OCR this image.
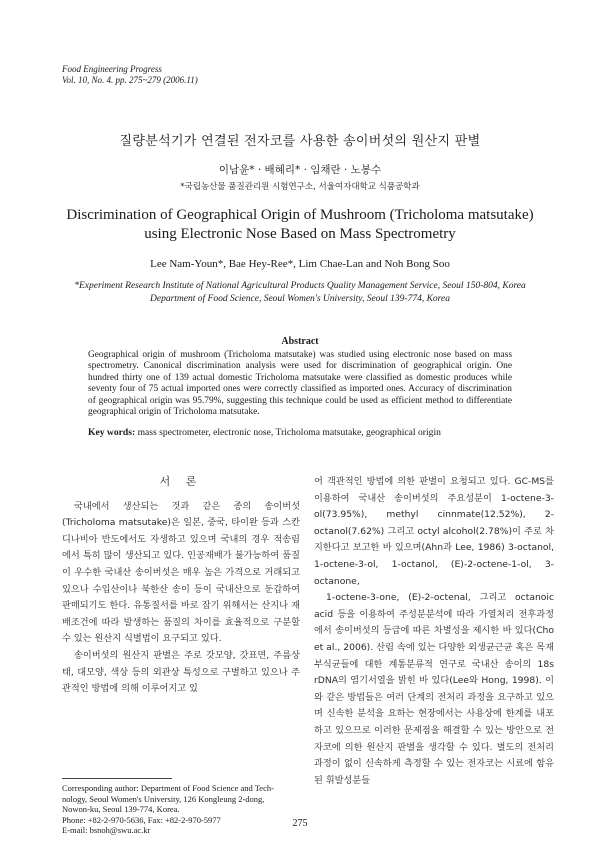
Food Engineering Progress
Vol. 10, No. 4. pp. 275~279 (2006.11)
질량분석기가 연결된 전자코를 사용한 송이버섯의 원산지 판별
이남윤* · 배혜리* · 임채란 · 노봉수
*국립농산물 품질관리원 시험연구소, 서울여자대학교 식품공학과
Discrimination of Geographical Origin of Mushroom (Tricholoma matsutake) using Electronic Nose Based on Mass Spectrometry
Lee Nam-Youn*, Bae Hey-Ree*, Lim Chae-Lan and Noh Bong Soo
*Experiment Research Institute of National Agricultural Products Quality Management Service, Seoul 150-804, Korea
Department of Food Science, Seoul Women's University, Seoul 139-774, Korea
Abstract
Geographical origin of mushroom (Tricholoma matsutake) was studied using electronic nose based on mass spectrometry. Canonical discrimination analysis were used for discrimination of geographical origin. One hundred thirty one of 139 actual domestic Tricholoma matsutake were classified as domestic produces while seventy four of 75 actual imported ones were correctly classified as imported ones. Accuracy of discrimination of geographical origin was 95.79%, suggesting this technique could be used as efficient method to differentiate geographical origin of Tricholoma matsutake.
Key words: mass spectrometer, electronic nose, Tricholoma matsutake, geographical origin
서 론

국내에서 생산되는 것과 같은 종의 송이버섯(Tricholoma matsutake)은 일본, 중국, 타이완 등과 스칸디나비아 반도에서도 자생하고 있으며 국내의 경우 적송림에서 특히 많이 생산되고 있다. 인공재배가 불가능하여 품질이 우수한 국내산 송이버섯은 매우 높은 가격으로 거래되고 있으나 수입산이나 북한산 송이 등이 국내산으로 둔갑하여 판매되기도 한다. 유통질서를 바로 잡기 위해서는 산지나 재배조건에 따라 발생하는 품질의 차이를 효율적으로 구분할 수 있는 원산지 식별법이 요구되고 있다.

송이버섯의 원산지 판별은 주로 갓모양, 갓표면, 주름상태, 대모양, 색상 등의 외관상 특성으로 구별하고 있으나 주관적인 방법에 의해 이루어지고 있

어 객관적인 방법에 의한 판별이 요청되고 있다. GC-MS를 이용하여 국내산 송이버섯의 주요성분이 1-octene-3-ol(73.95%), methyl cinnmate(12.52%), 2-octanol(7.62%) 그리고 octyl alcohol(2.78%)이 주로 차지한다고 보고한 바 있으며(Ahn과 Lee, 1986) 3-octanol, 1-octene-3-ol, 1-octanol, (E)-2-octene-1-ol, 3-octanone,

1-octene-3-one, (E)-2-octenal, 그리고 octanoic acid 등을 이용하여 주성분분석에 따라 가열처리 전후과정에서 송이버섯의 등급에 따른 차별성을 제시한 바 있다(Cho et al., 2006). 산림 속에 있는 다양한 외생균근균 혹은 목재부식균들에 대한 계통분류적 연구로 국내산 송이의 18s rDNA의 염기서열을 밝힌 바 있다(Lee와 Hong, 1998). 이와 같은 방법들은 여러 단계의 전처리 과정을 요구하고 있으며 신속한 분석을 요하는 현장에서는 사용상에 한계를 내포하고 있으므로 이러한 문제점을 해결할 수 있는 방안으로 전자코에 의한 원산지 판별을 생각할 수 있다. 별도의 전처리 과정이 없이 신속하게 측정할 수 있는 전자코는 시료에 함유된 휘발성분들

Corresponding author: Department of Food Science and Tech-
nology, Seoul Women's University, 126 Kongleung 2-dong,
Nowon-ku, Seoul 139-774, Korea.
Phone: +82-2-970-5636, Fax: +82-2-970-5977
E-mail: bsnoh@swu.ac.kr
275
